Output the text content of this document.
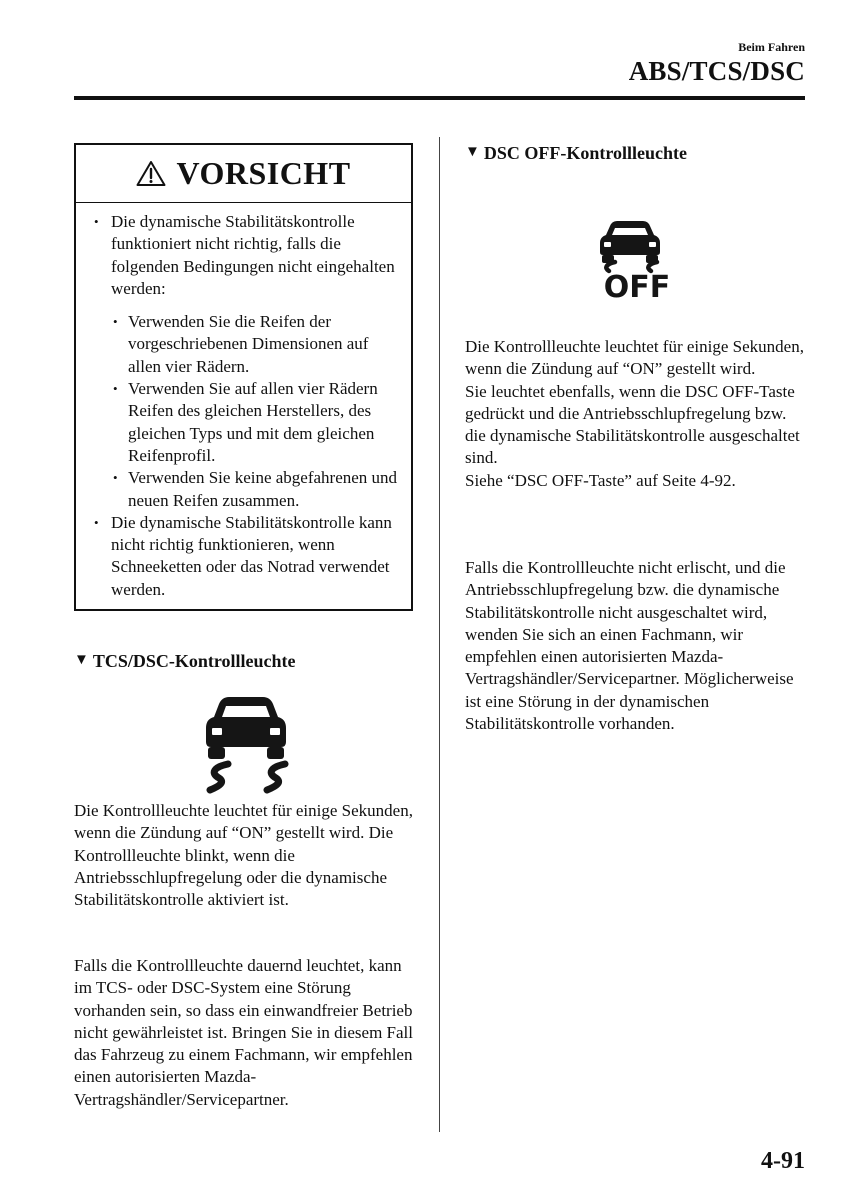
Beim Fahren
ABS/TCS/DSC
VORSICHT
• Die dynamische Stabilitätskontrolle funktioniert nicht richtig, falls die folgenden Bedingungen nicht eingehalten werden:
• Verwenden Sie die Reifen der vorgeschriebenen Dimensionen auf allen vier Rädern.
• Verwenden Sie auf allen vier Rädern Reifen des gleichen Herstellers, des gleichen Typs und mit dem gleichen Reifenprofil.
• Verwenden Sie keine abgefahrenen und neuen Reifen zusammen.
• Die dynamische Stabilitätskontrolle kann nicht richtig funktionieren, wenn Schneeketten oder das Notrad verwendet werden.
▼ TCS/DSC-Kontrollleuchte
Die Kontrollleuchte leuchtet für einige Sekunden, wenn die Zündung auf “ON” gestellt wird. Die Kontrollleuchte blinkt, wenn die Antriebsschlupfregelung oder die dynamische Stabilitätskontrolle aktiviert ist.
Falls die Kontrollleuchte dauernd leuchtet, kann im TCS- oder DSC-System eine Störung vorhanden sein, so dass ein einwandfreier Betrieb nicht gewährleistet ist. Bringen Sie in diesem Fall das Fahrzeug zu einem Fachmann, wir empfehlen einen autorisierten Mazda-Vertragshändler/Servicepartner.
▼ DSC OFF-Kontrollleuchte
OFF
Die Kontrollleuchte leuchtet für einige Sekunden, wenn die Zündung auf “ON” gestellt wird.
Sie leuchtet ebenfalls, wenn die DSC OFF-Taste gedrückt und die Antriebsschlupfregelung bzw. die dynamische Stabilitätskontrolle ausgeschaltet sind.
Siehe “DSC OFF-Taste” auf Seite 4-92.
Falls die Kontrollleuchte nicht erlischt, und die Antriebsschlupfregelung bzw. die dynamische Stabilitätskontrolle nicht ausgeschaltet wird, wenden Sie sich an einen Fachmann, wir empfehlen einen autorisierten Mazda-Vertragshändler/Servicepartner. Möglicherweise ist eine Störung in der dynamischen Stabilitätskontrolle vorhanden.
4-91
